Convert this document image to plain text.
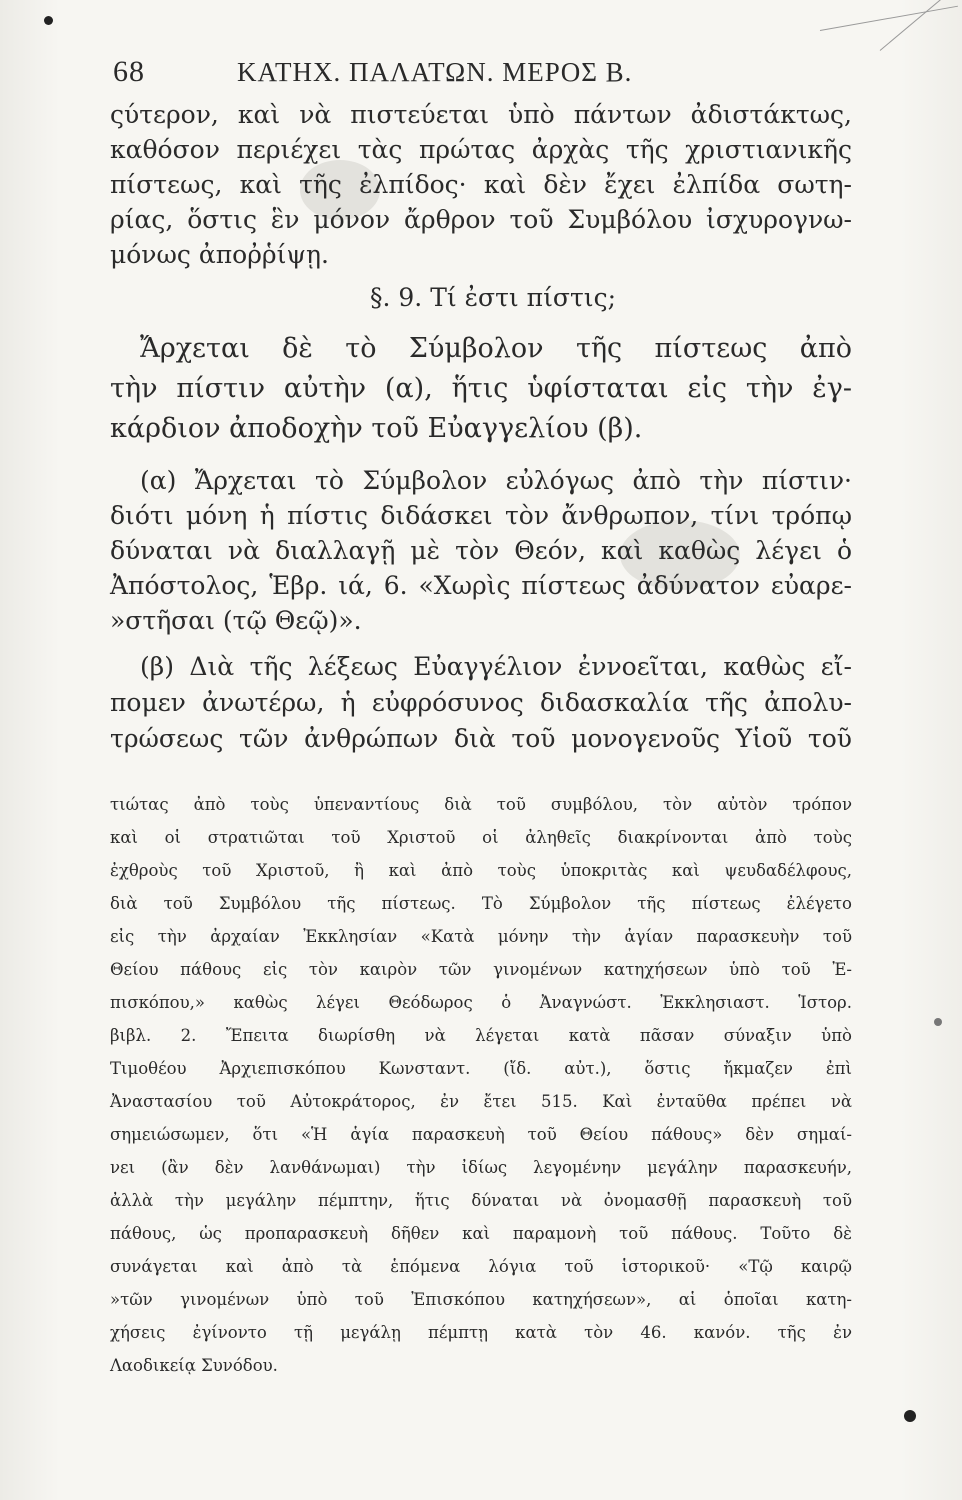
68	ΚΑΤΗΧ. ΠΑΛΑΤΩΝ. ΜΕΡΟΣ Β.
ςύτερον, καὶ νὰ πιστεύεται ὑπὸ πάντων ἀδιστάκτως,
καθόσον περιέχει τὰς πρώτας ἀρχὰς τῆς χριστιανικῆς
πίστεως, καὶ τῆς ἐλπίδος· καὶ δὲν ἔχει ἐλπίδα σωτη-
ρίας, ὅστις ἓν μόνον ἄρθρον τοῦ Συμβόλου ἰσχυρογνω-
μόνως ἀποῤῥίψῃ.
§. 9. Τί ἐστι πίστις;
Ἄρχεται δὲ τὸ Σύμβολον τῆς πίστεως ἀπὸ
τὴν πίστιν αὐτὴν (α), ἥτις ὑφίσταται εἰς τὴν ἐγ-
κάρδιον ἀποδοχὴν τοῦ Εὐαγγελίου (β).
(α) Ἄρχεται τὸ Σύμβολον εὐλόγως ἀπὸ τὴν πίστιν·
διότι μόνη ἡ πίστις διδάσκει τὸν ἄνθρωπον, τίνι τρόπῳ
δύναται νὰ διαλλαγῇ μὲ τὸν Θεόν, καὶ καθὼς λέγει ὁ
Ἀπόστολος, Ἑβρ. ιά, 6. «Χωρὶς πίστεως ἀδύνατον εὐαρε-
»στῆσαι (τῷ Θεῷ)».
(β) Διὰ τῆς λέξεως Εὐαγγέλιον ἐννοεῖται, καθὼς εἴ-
πομεν ἀνωτέρω, ἡ εὐφρόσυνος διδασκαλία τῆς ἀπολυ-
τρώσεως τῶν ἀνθρώπων διὰ τοῦ μονογενοῦς Υἱοῦ τοῦ
τιώτας ἀπὸ τοὺς ὑπεναντίους διὰ τοῦ συμβόλου, τὸν αὐτὸν τρόπον
καὶ οἱ στρατιῶται τοῦ Χριστοῦ οἱ ἀληθεῖς διακρίνονται ἀπὸ τοὺς
ἐχθροὺς τοῦ Χριστοῦ, ἢ καὶ ἀπὸ τοὺς ὑποκριτὰς καὶ ψευδαδέλφους,
διὰ τοῦ Συμβόλου τῆς πίστεως. Τὸ Σύμβολον τῆς πίστεως ἐλέγετο
εἰς τὴν ἀρχαίαν Ἐκκλησίαν «Κατὰ μόνην τὴν ἁγίαν παρασκευὴν τοῦ
Θείου πάθους εἰς τὸν καιρὸν τῶν γινομένων κατηχήσεων ὑπὸ τοῦ Ἐ-
πισκόπου,» καθὼς λέγει Θεόδωρος ὁ Ἀναγνώστ. Ἐκκλησιαστ. Ἱστορ.
βιβλ. 2. Ἔπειτα διωρίσθη νὰ λέγεται κατὰ πᾶσαν σύναξιν ὑπὸ
Τιμοθέου Ἀρχιεπισκόπου Κωνσταντ. (ἴδ. αὐτ.), ὅστις ἤκμαζεν ἐπὶ
Ἀναστασίου τοῦ Αὐτοκράτορος, ἐν ἔτει 515. Καὶ ἐνταῦθα πρέπει νὰ
σημειώσωμεν, ὅτι «Ἡ ἁγία παρασκευὴ τοῦ Θείου πάθους» δὲν σημαί-
νει (ἂν δὲν λανθάνωμαι) τὴν ἰδίως λεγομένην μεγάλην παρασκευήν,
ἀλλὰ τὴν μεγάλην πέμπτην, ἥτις δύναται νὰ ὀνομασθῇ παρασκευὴ τοῦ
πάθους, ὡς προπαρασκευὴ δῆθεν καὶ παραμονὴ τοῦ πάθους. Τοῦτο δὲ
συνάγεται καὶ ἀπὸ τὰ ἑπόμενα λόγια τοῦ ἱστορικοῦ· «Τῷ καιρῷ
»τῶν γινομένων ὑπὸ τοῦ Ἐπισκόπου κατηχήσεων», αἱ ὁποῖαι κατη-
χήσεις ἐγίνοντο τῇ μεγάλῃ πέμπτῃ κατὰ τὸν 46. κανόν. τῆς ἐν
Λαοδικείᾳ Συνόδου.
